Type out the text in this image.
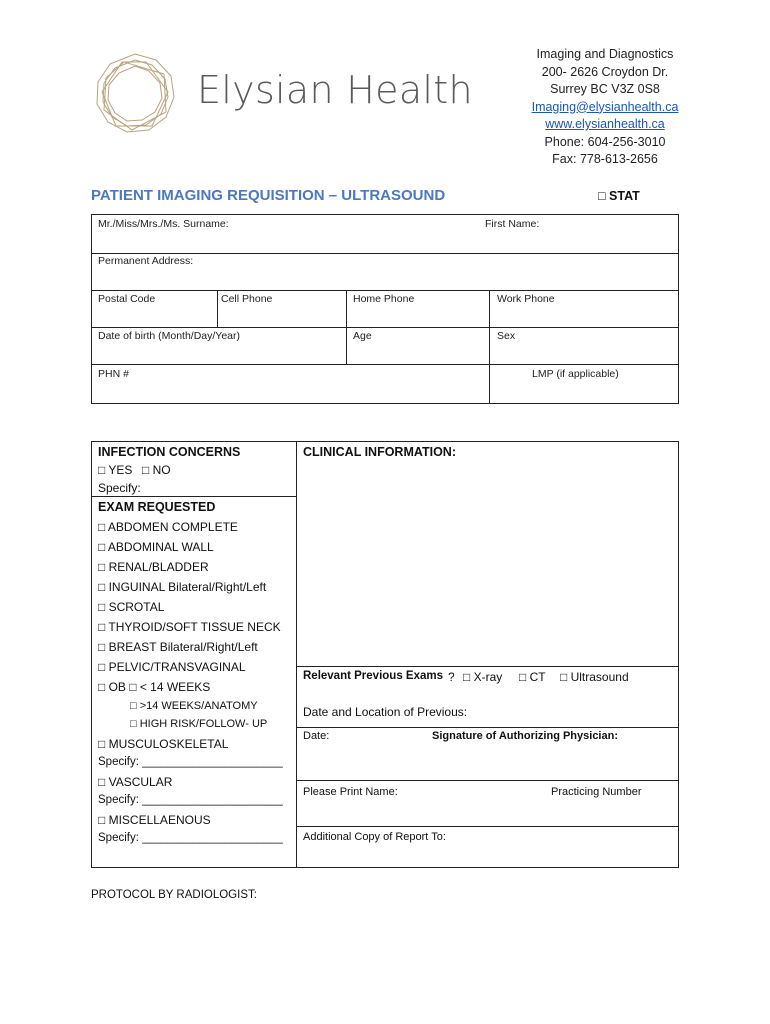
Elysian Health
Imaging and Diagnostics
200- 2626 Croydon Dr.
Surrey BC V3Z 0S8
Imaging@elysianhealth.ca
www.elysianhealth.ca
Phone: 604-256-3010
Fax: 778-613-2656
PATIENT IMAGING REQUISITION – ULTRASOUND	□ STAT
Mr./Miss/Mrs./Ms. Surname:	First Name:
Permanent Address:
Postal Code	Cell Phone	Home Phone	Work Phone
Date of birth (Month/Day/Year)	Age	Sex
PHN #	LMP (if applicable)
INFECTION CONCERNS
□ YES □ NO
Specify:
EXAM REQUESTED
□ ABDOMEN COMPLETE
□ ABDOMINAL WALL
□ RENAL/BLADDER
□ INGUINAL Bilateral/Right/Left
□ SCROTAL
□ THYROID/SOFT TISSUE NECK
□ BREAST Bilateral/Right/Left
□ PELVIC/TRANSVAGINAL
□ OB □ < 14 WEEKS
□ >14 WEEKS/ANATOMY
□ HIGH RISK/FOLLOW- UP
□ MUSCULOSKELETAL
Specify: ______________________
□ VASCULAR
Specify: ______________________
□ MISCELLAENOUS
Specify: ______________________
CLINICAL INFORMATION:
Relevant Previous Exams ? □ X-ray □ CT □ Ultrasound
Date and Location of Previous:
Date:	Signature of Authorizing Physician:
Please Print Name:	Practicing Number
Additional Copy of Report To:
PROTOCOL BY RADIOLOGIST:
